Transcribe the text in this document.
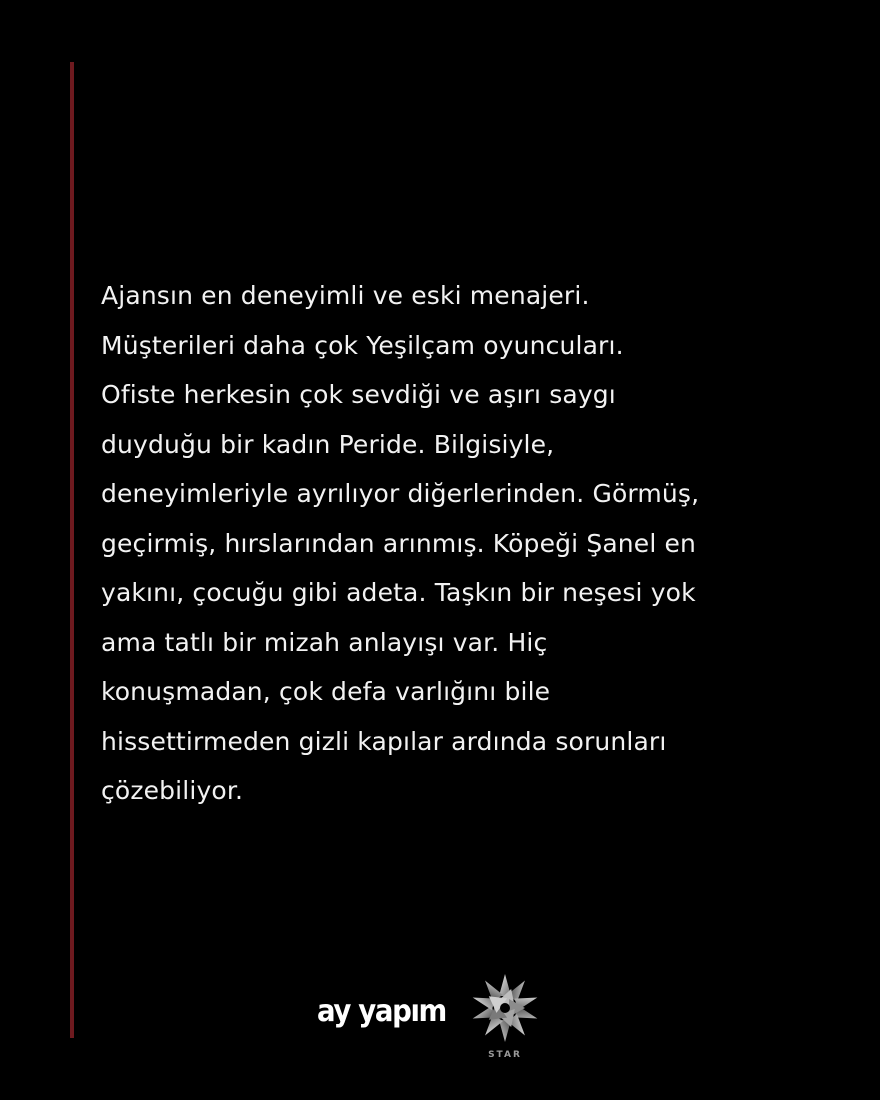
Ajansın en deneyimli ve eski menajeri.
Müşterileri daha çok Yeşilçam oyuncuları.
Ofiste herkesin çok sevdiği ve aşırı saygı
duyduğu bir kadın Peride. Bilgisiyle,
deneyimleriyle ayrılıyor diğerlerinden. Görmüş,
geçirmiş, hırslarından arınmış. Köpeği Şanel en
yakını, çocuğu gibi adeta. Taşkın bir neşesi yok
ama tatlı bir mizah anlayışı var. Hiç
konuşmadan, çok defa varlığını bile
hissettirmeden gizli kapılar ardında sorunları
çözebiliyor.

ay yapım
STAR
